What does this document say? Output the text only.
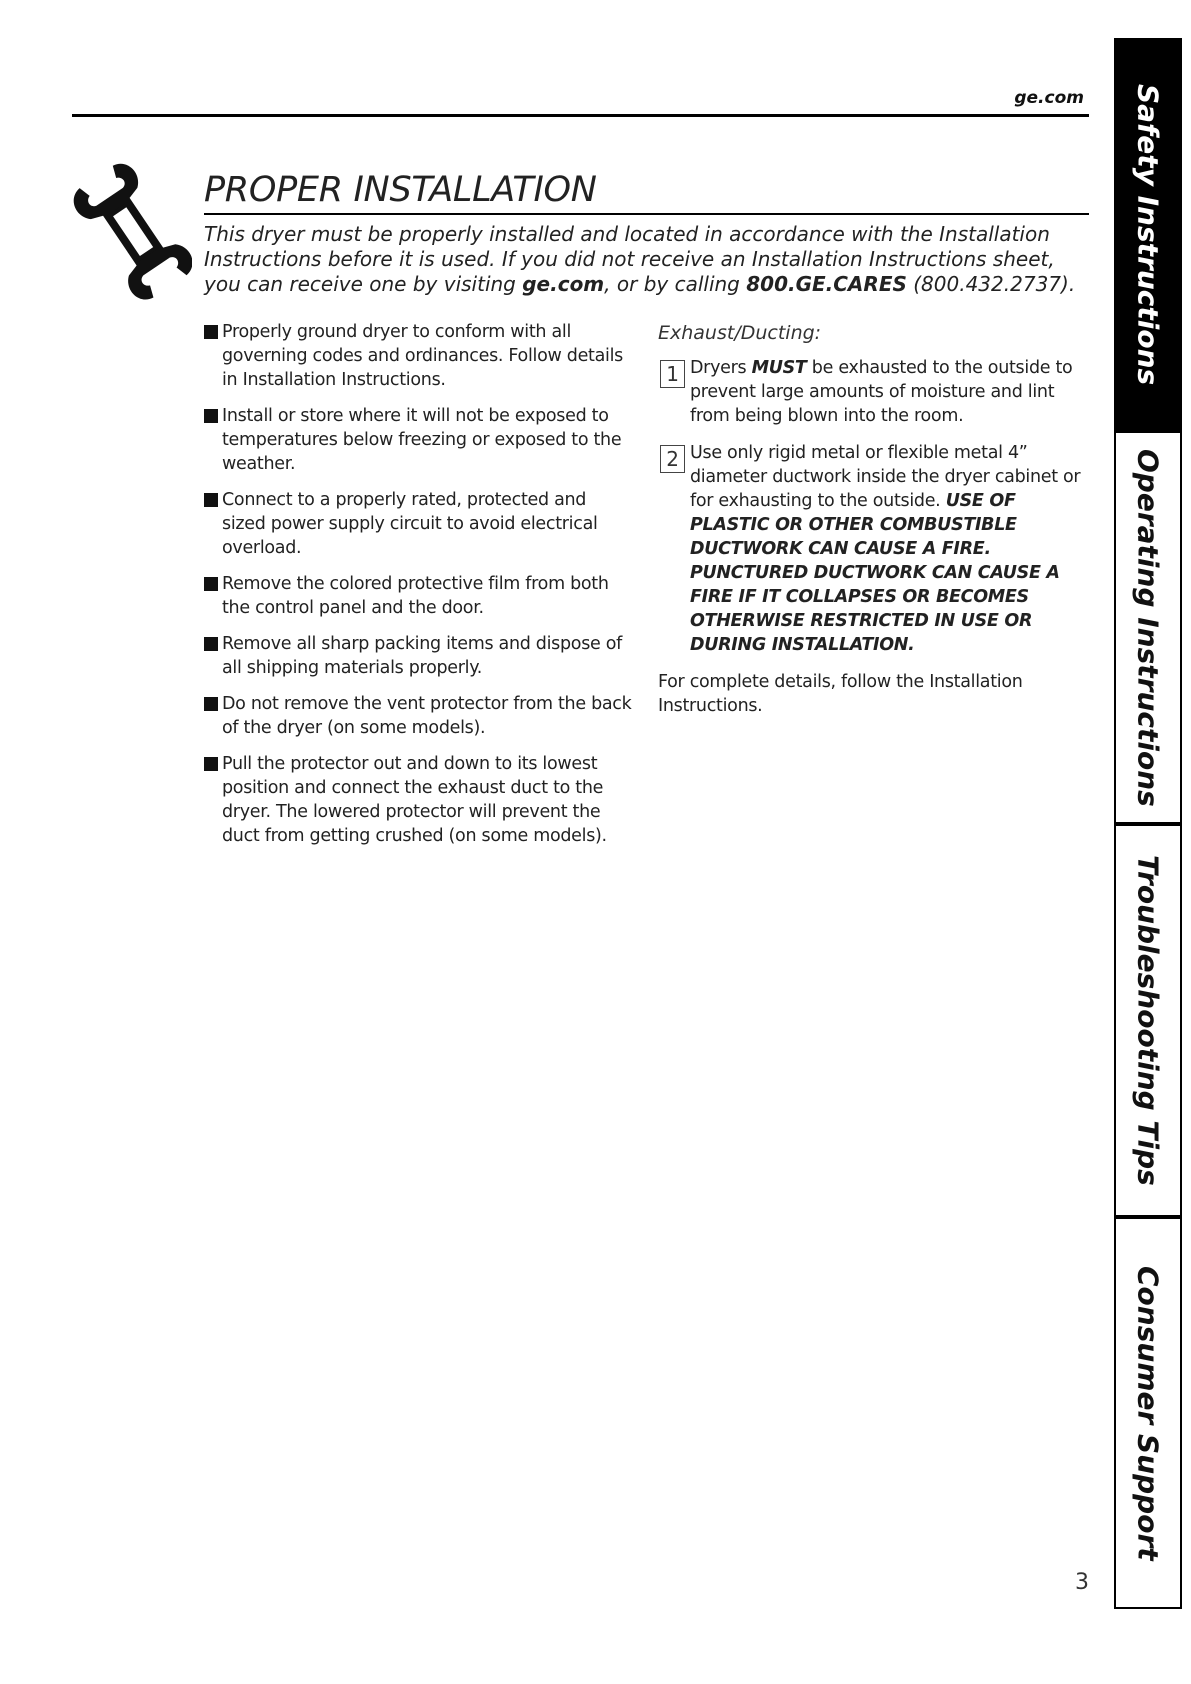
ge.com
PROPER INSTALLATION

This dryer must be properly installed and located in accordance with the Installation Instructions before it is used. If you did not receive an Installation Instructions sheet, you can receive one by visiting ge.com, or by calling 800.GE.CARES (800.432.2737).

Properly ground dryer to conform with all governing codes and ordinances. Follow details in Installation Instructions.
Install or store where it will not be exposed to temperatures below freezing or exposed to the weather.
Connect to a properly rated, protected and sized power supply circuit to avoid electrical overload.
Remove the colored protective film from both the control panel and the door.
Remove all sharp packing items and dispose of all shipping materials properly.
Do not remove the vent protector from the back of the dryer (on some models).
Pull the protector out and down to its lowest position and connect the exhaust duct to the dryer. The lowered protector will prevent the duct from getting crushed (on some models).

Exhaust/Ducting:

1 Dryers MUST be exhausted to the outside to prevent large amounts of moisture and lint from being blown into the room.
2 Use only rigid metal or flexible metal 4” diameter ductwork inside the dryer cabinet or for exhausting to the outside. USE OF PLASTIC OR OTHER COMBUSTIBLE DUCTWORK CAN CAUSE A FIRE. PUNCTURED DUCTWORK CAN CAUSE A FIRE IF IT COLLAPSES OR BECOMES OTHERWISE RESTRICTED IN USE OR DURING INSTALLATION.

For complete details, follow the Installation Instructions.

Safety Instructions
Operating Instructions
Troubleshooting Tips
Consumer Support
3
